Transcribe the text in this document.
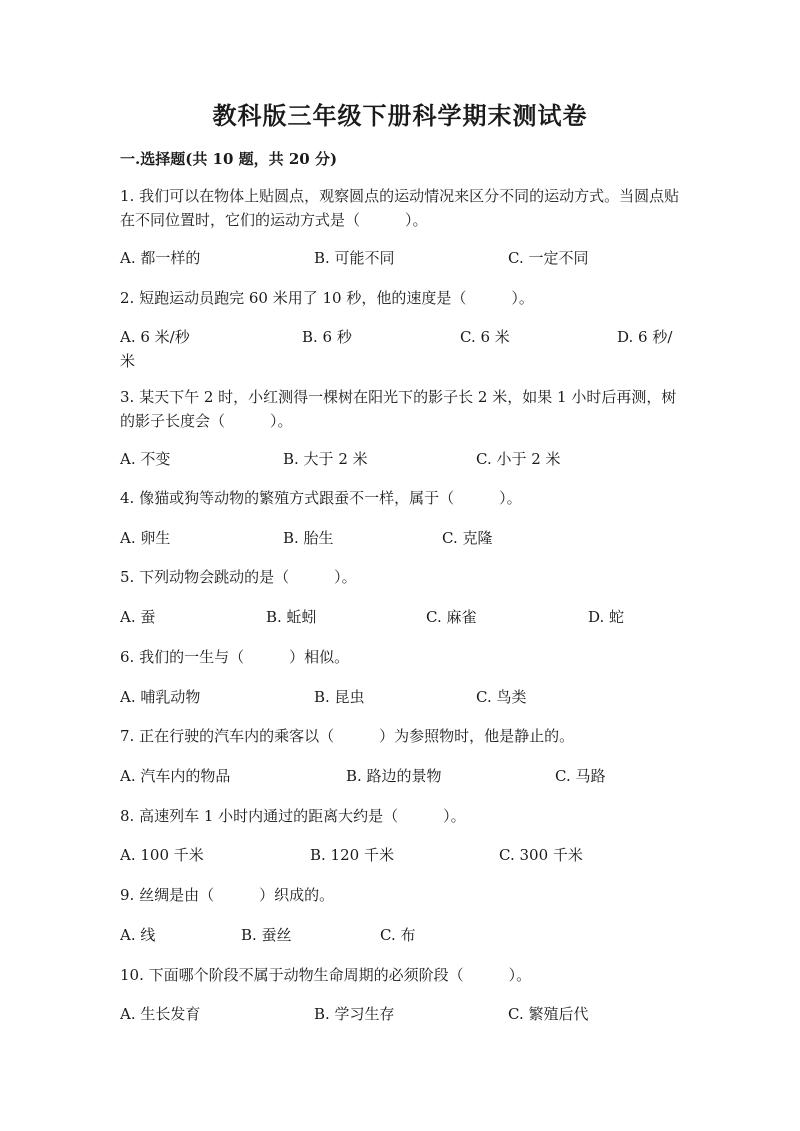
教科版三年级下册科学期末测试卷

一.选择题(共 10 题，共 20 分)

1. 我们可以在物体上贴圆点，观察圆点的运动情况来区分不同的运动方式。当圆点贴在不同位置时，它们的运动方式是（　　　）。

A. 都一样的	B. 可能不同	C. 一定不同

2. 短跑运动员跑完 60 米用了 10 秒，他的速度是（　　　）。

A. 6 米/秒	B. 6 秒	C. 6 米	D. 6 秒/米

3. 某天下午 2 时，小红测得一棵树在阳光下的影子长 2 米，如果 1 小时后再测，树的影子长度会（　　　）。

A. 不变	B. 大于 2 米	C. 小于 2 米

4. 像猫或狗等动物的繁殖方式跟蚕不一样，属于（　　　）。

A. 卵生	B. 胎生	C. 克隆

5. 下列动物会跳动的是（　　　）。

A. 蚕	B. 蚯蚓	C. 麻雀	D. 蛇

6. 我们的一生与（　　　）相似。

A. 哺乳动物	B. 昆虫	C. 鸟类

7. 正在行驶的汽车内的乘客以（　　　）为参照物时，他是静止的。

A. 汽车内的物品	B. 路边的景物	C. 马路

8. 高速列车 1 小时内通过的距离大约是（　　　）。

A. 100 千米	B. 120 千米	C. 300 千米

9. 丝绸是由（　　　）织成的。

A. 线	B. 蚕丝	C. 布

10. 下面哪个阶段不属于动物生命周期的必须阶段（　　　）。

A. 生长发育	B. 学习生存	C. 繁殖后代
